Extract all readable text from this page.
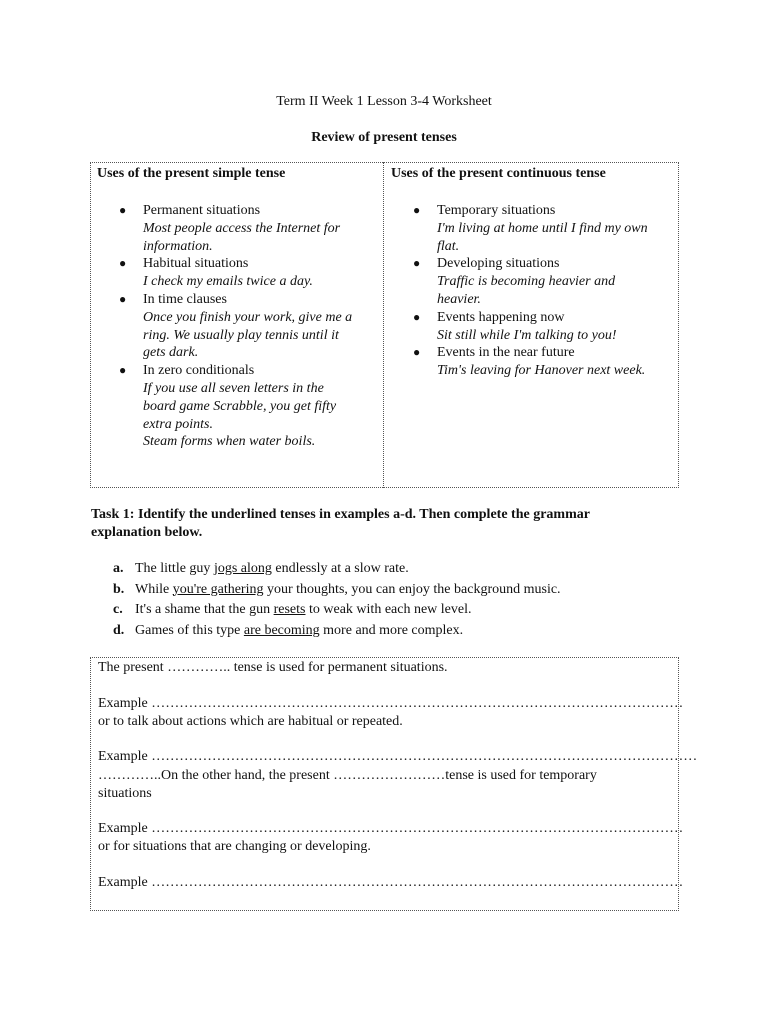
Term II Week 1 Lesson 3-4 Worksheet
Review of present tenses
Uses of the present simple tense	Uses of the present continuous tense
● Permanent situations
Most people access the Internet for
information.
● Habitual situations
I check my emails twice a day.
● In time clauses
Once you finish your work, give me a
ring. We usually play tennis until it
gets dark.
● In zero conditionals
If you use all seven letters in the
board game Scrabble, you get fifty
extra points.
Steam forms when water boils.
● Temporary situations
I'm living at home until I find my own
flat.
● Developing situations
Traffic is becoming heavier and
heavier.
● Events happening now
Sit still while I'm talking to you!
● Events in the near future
Tim's leaving for Hanover next week.
Task 1: Identify the underlined tenses in examples a-d. Then complete the grammar
explanation below.
a. The little guy jogs along endlessly at a slow rate.
b. While you're gathering your thoughts, you can enjoy the background music.
c. It's a shame that the gun resets to weak with each new level.
d. Games of this type are becoming more and more complex.
The present ………….. tense is used for permanent situations.
Example ……………………………………………………………………………………………………
or to talk about actions which are habitual or repeated.
Example ………………………………………………………………………………………………………
…………..On the other hand, the present ……………………tense is used for temporary
situations
Example ……………………………………………………………………………………………………
or for situations that are changing or developing.
Example ……………………………………………………………………………………………………
